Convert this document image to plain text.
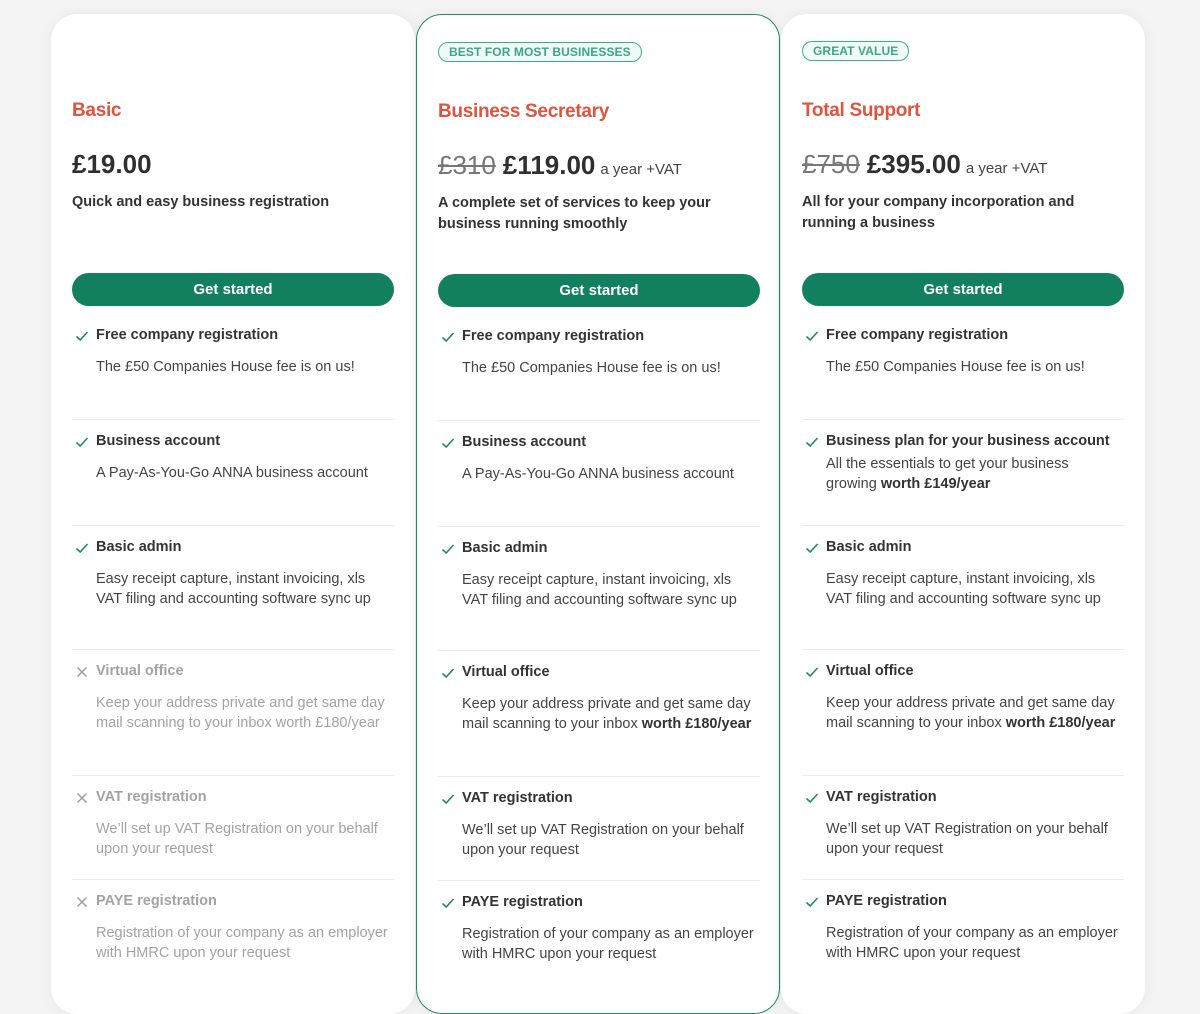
Basic
£19.00
Quick and easy business registration
Get started
Free company registration
The £50 Companies House fee is on us!
Business account
A Pay-As-You-Go ANNA business account
Basic admin
Easy receipt capture, instant invoicing, xls VAT filing and accounting software sync up
Virtual office
Keep your address private and get same day mail scanning to your inbox worth £180/year
VAT registration
We’ll set up VAT Registration on your behalf upon your request
PAYE registration
Registration of your company as an employer with HMRC upon your request
BEST FOR MOST BUSINESSES
Business Secretary
£310 £119.00 a year +VAT
A complete set of services to keep your business running smoothly
Get started
Free company registration
The £50 Companies House fee is on us!
Business account
A Pay-As-You-Go ANNA business account
Basic admin
Easy receipt capture, instant invoicing, xls VAT filing and accounting software sync up
Virtual office
Keep your address private and get same day mail scanning to your inbox worth £180/year
VAT registration
We’ll set up VAT Registration on your behalf upon your request
PAYE registration
Registration of your company as an employer with HMRC upon your request
GREAT VALUE
Total Support
£750 £395.00 a year +VAT
All for your company incorporation and running a business
Get started
Free company registration
The £50 Companies House fee is on us!
Business plan for your business account
All the essentials to get your business growing worth £149/year
Basic admin
Easy receipt capture, instant invoicing, xls VAT filing and accounting software sync up
Virtual office
Keep your address private and get same day mail scanning to your inbox worth £180/year
VAT registration
We’ll set up VAT Registration on your behalf upon your request
PAYE registration
Registration of your company as an employer with HMRC upon your request
